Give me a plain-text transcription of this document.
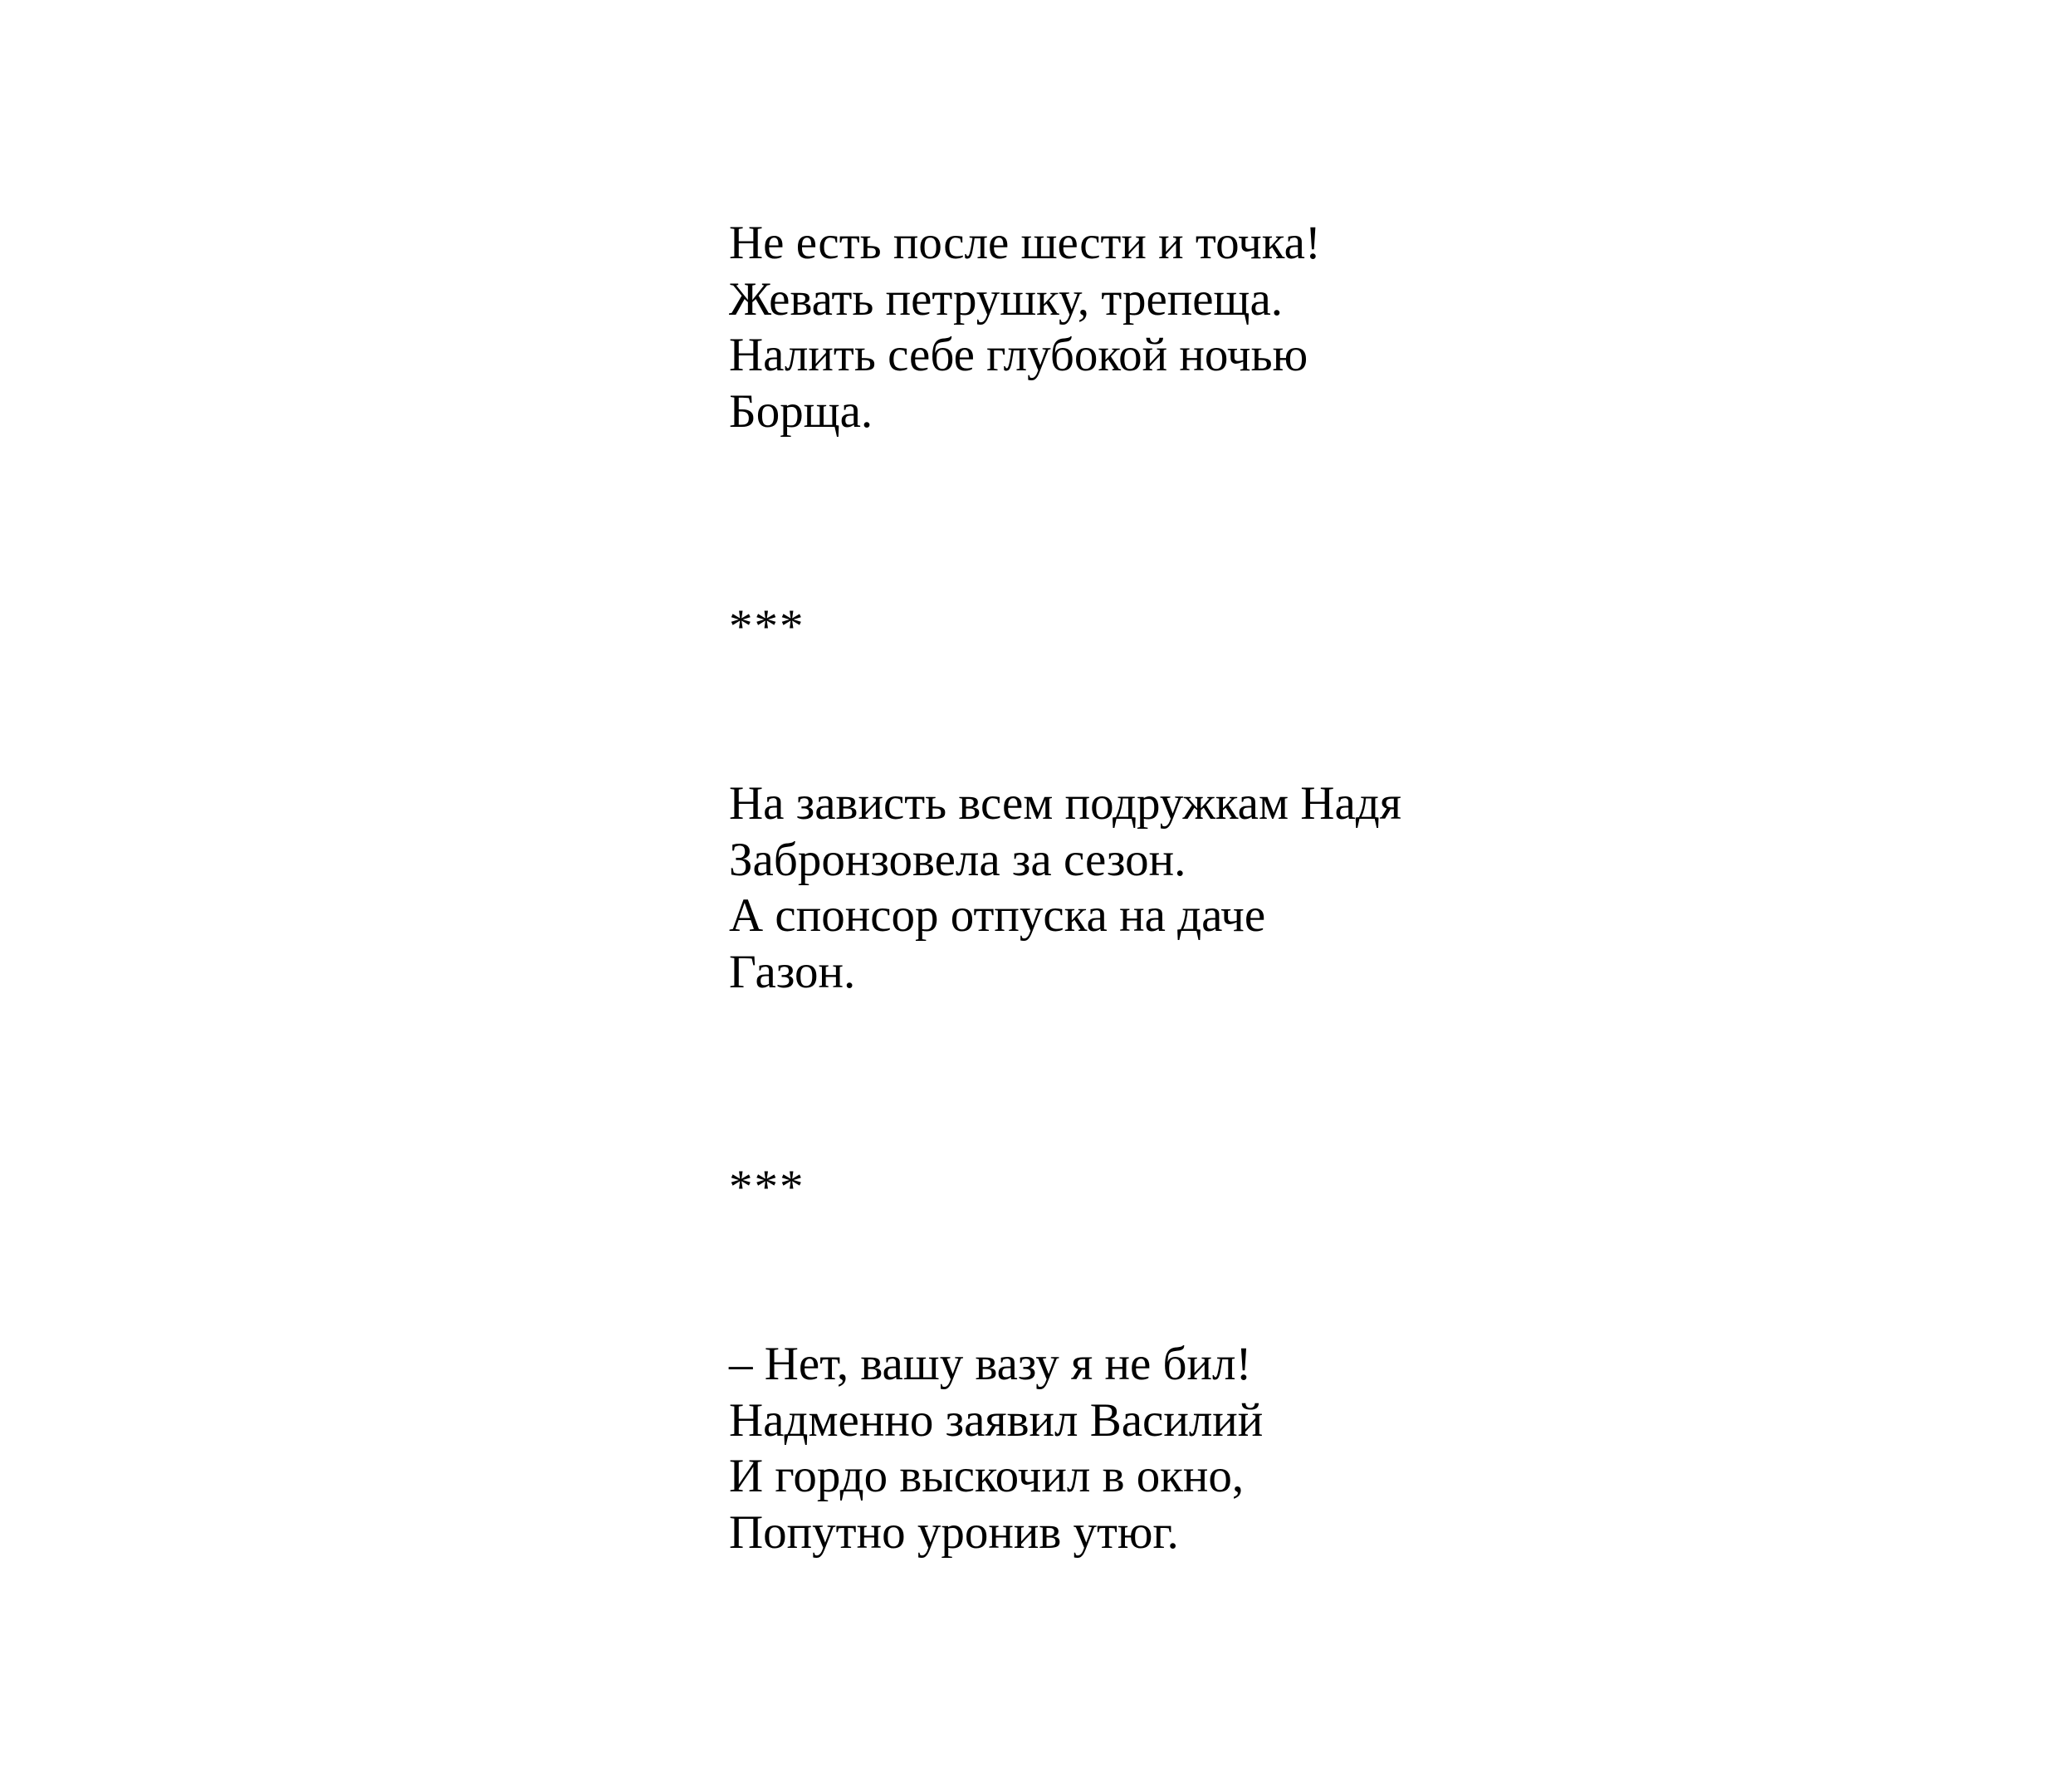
Не есть после шести и точка!
Жевать петрушку, трепеща.
Налить себе глубокой ночью
Борща.
***
На зависть всем подружкам Надя
Забронзовела за сезон.
А спонсор отпуска на даче
Газон.
***
– Нет, вашу вазу я не бил!
Надменно заявил Василий
И гордо выскочил в окно,
Попутно уронив утюг.
